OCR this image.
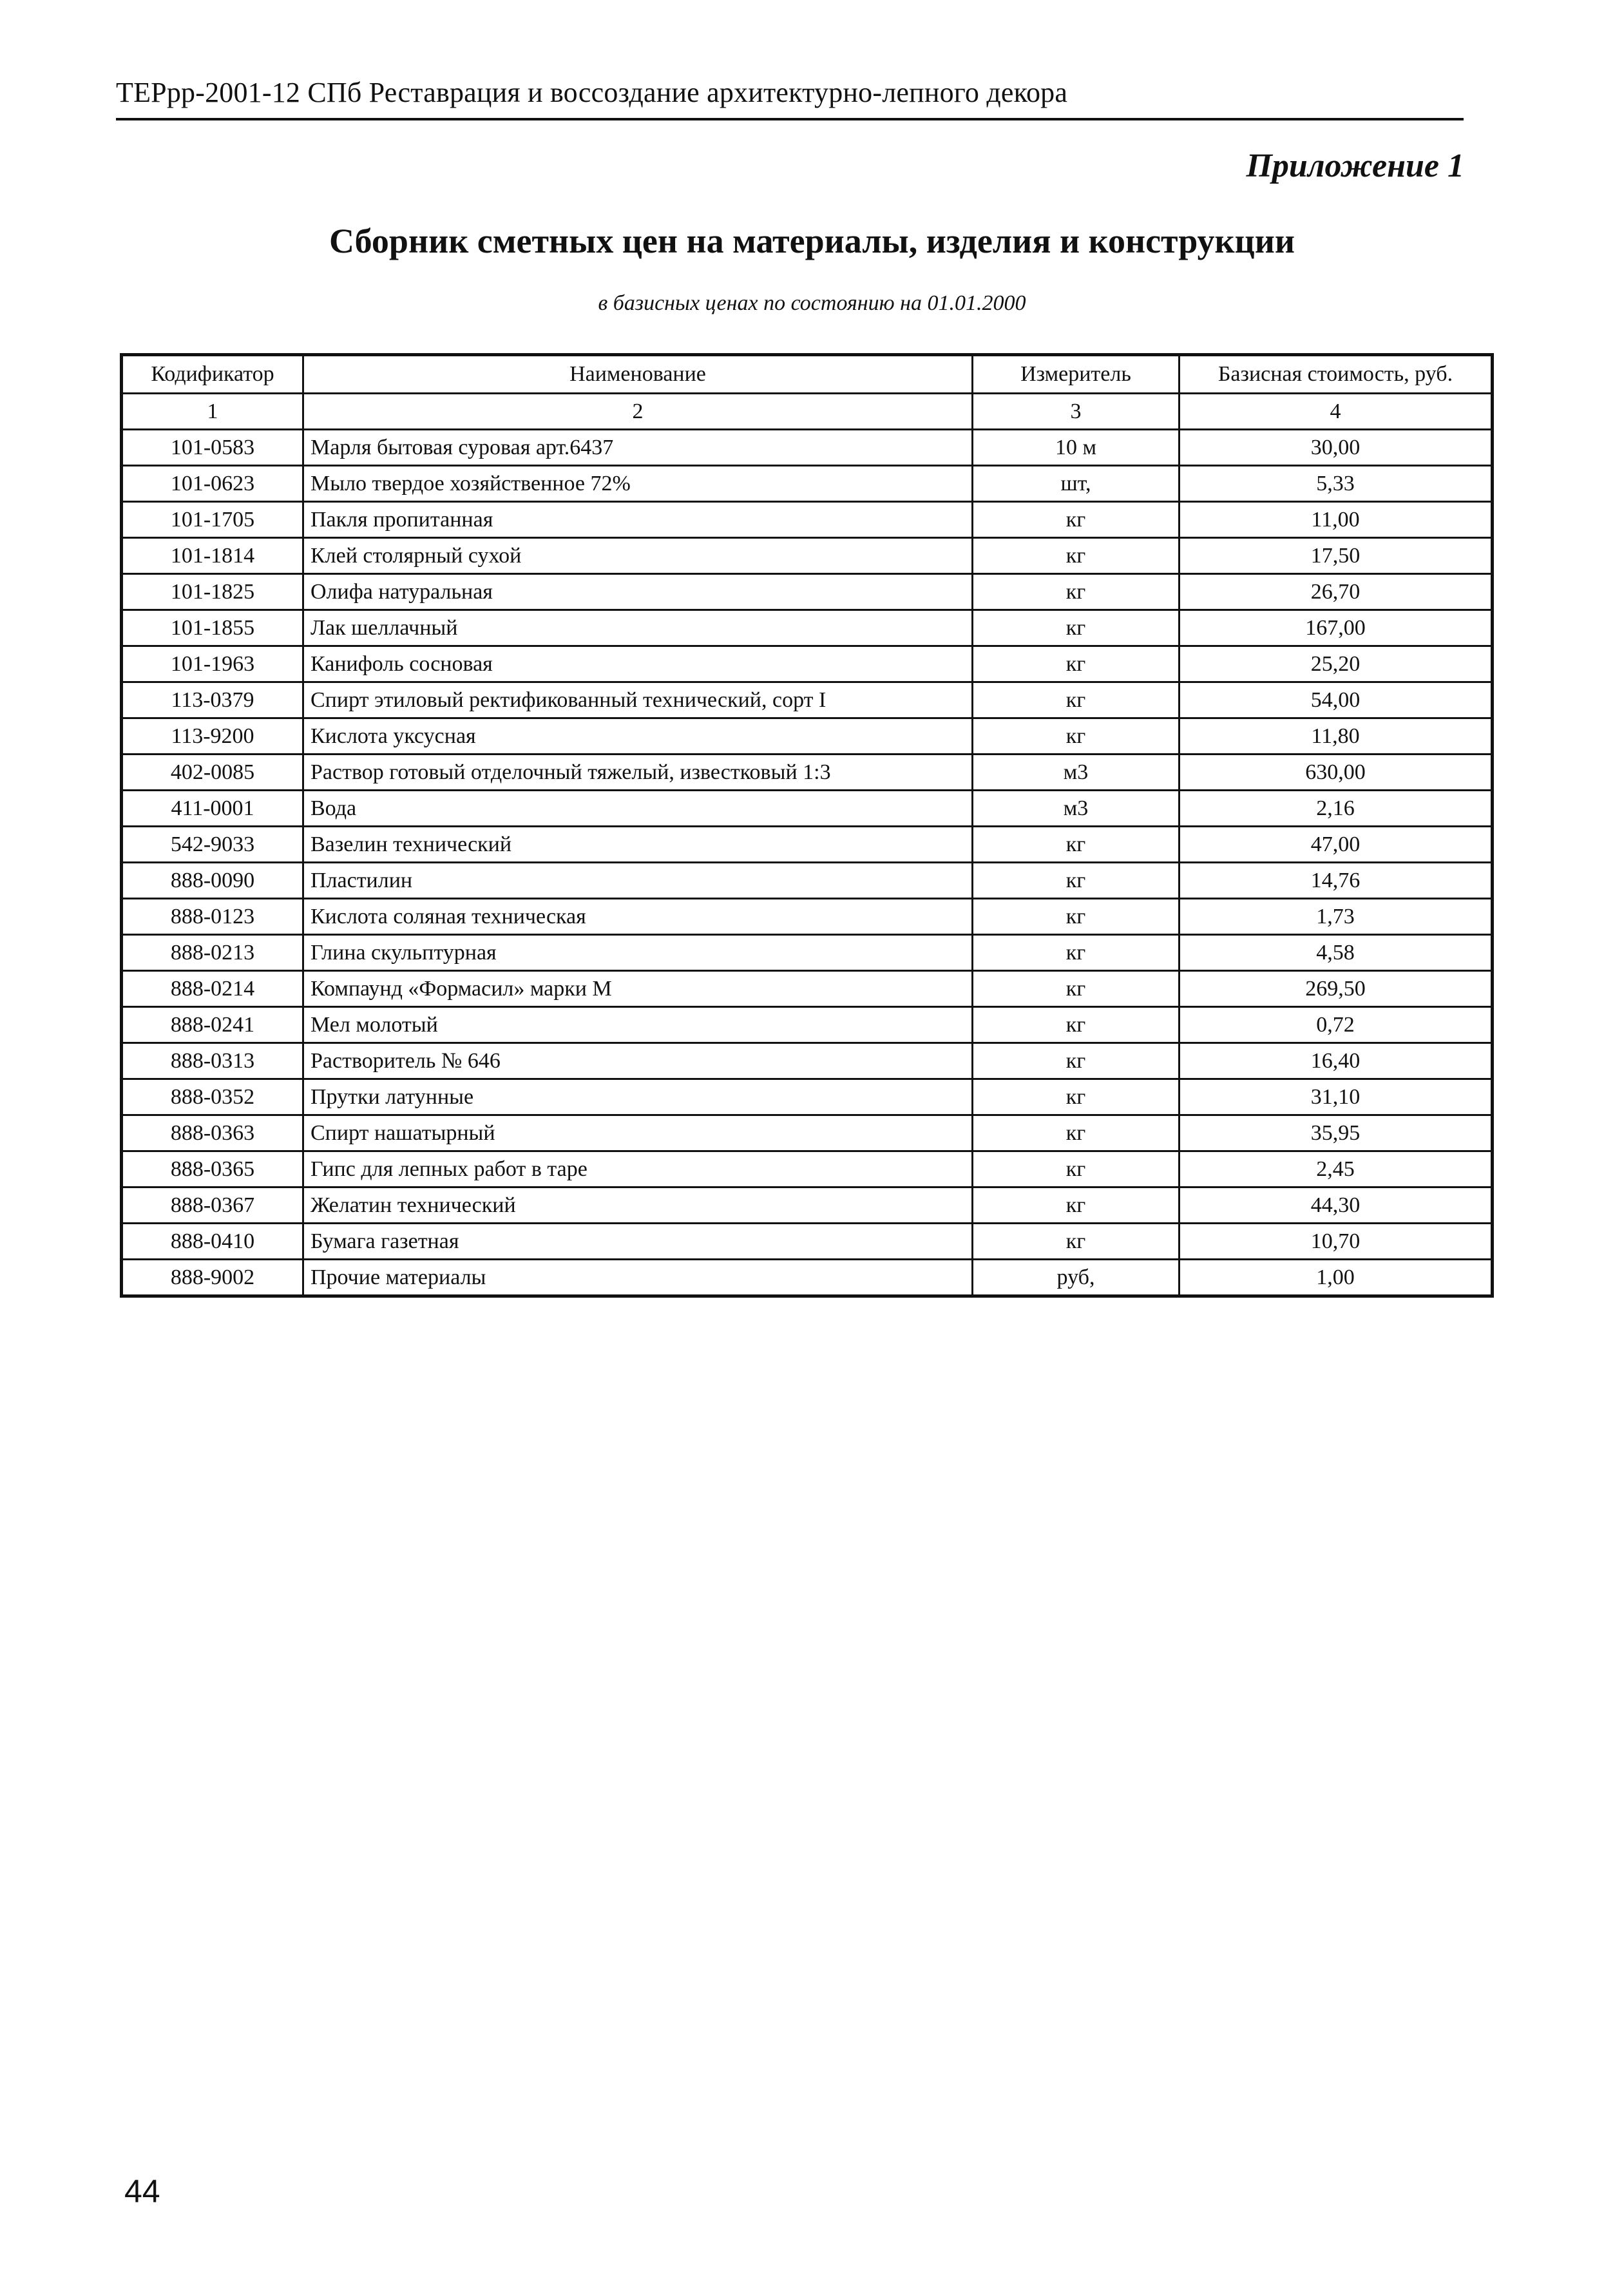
ТЕРрр-2001-12 СПб Реставрация и воссоздание архитектурно-лепного декора
Приложение 1
Сборник сметных цен на материалы, изделия и конструкции
в базисных ценах по состоянию на 01.01.2000
Кодификатор	Наименование	Измеритель	Базисная стоимость, руб.
1	2	3	4
101-0583	Марля бытовая суровая арт.6437	10 м	30,00
101-0623	Мыло твердое хозяйственное 72%	шт,	5,33
101-1705	Пакля пропитанная	кг	11,00
101-1814	Клей столярный сухой	кг	17,50
101-1825	Олифа натуральная	кг	26,70
101-1855	Лак шеллачный	кг	167,00
101-1963	Канифоль сосновая	кг	25,20
113-0379	Спирт этиловый ректификованный технический, сорт I	кг	54,00
113-9200	Кислота уксусная	кг	11,80
402-0085	Раствор готовый отделочный тяжелый, известковый 1:3	м3	630,00
411-0001	Вода	м3	2,16
542-9033	Вазелин технический	кг	47,00
888-0090	Пластилин	кг	14,76
888-0123	Кислота соляная техническая	кг	1,73
888-0213	Глина скульптурная	кг	4,58
888-0214	Компаунд «Формасил» марки М	кг	269,50
888-0241	Мел молотый	кг	0,72
888-0313	Растворитель № 646	кг	16,40
888-0352	Прутки латунные	кг	31,10
888-0363	Спирт нашатырный	кг	35,95
888-0365	Гипс для лепных работ в таре	кг	2,45
888-0367	Желатин технический	кг	44,30
888-0410	Бумага газетная	кг	10,70
888-9002	Прочие материалы	руб,	1,00
44
